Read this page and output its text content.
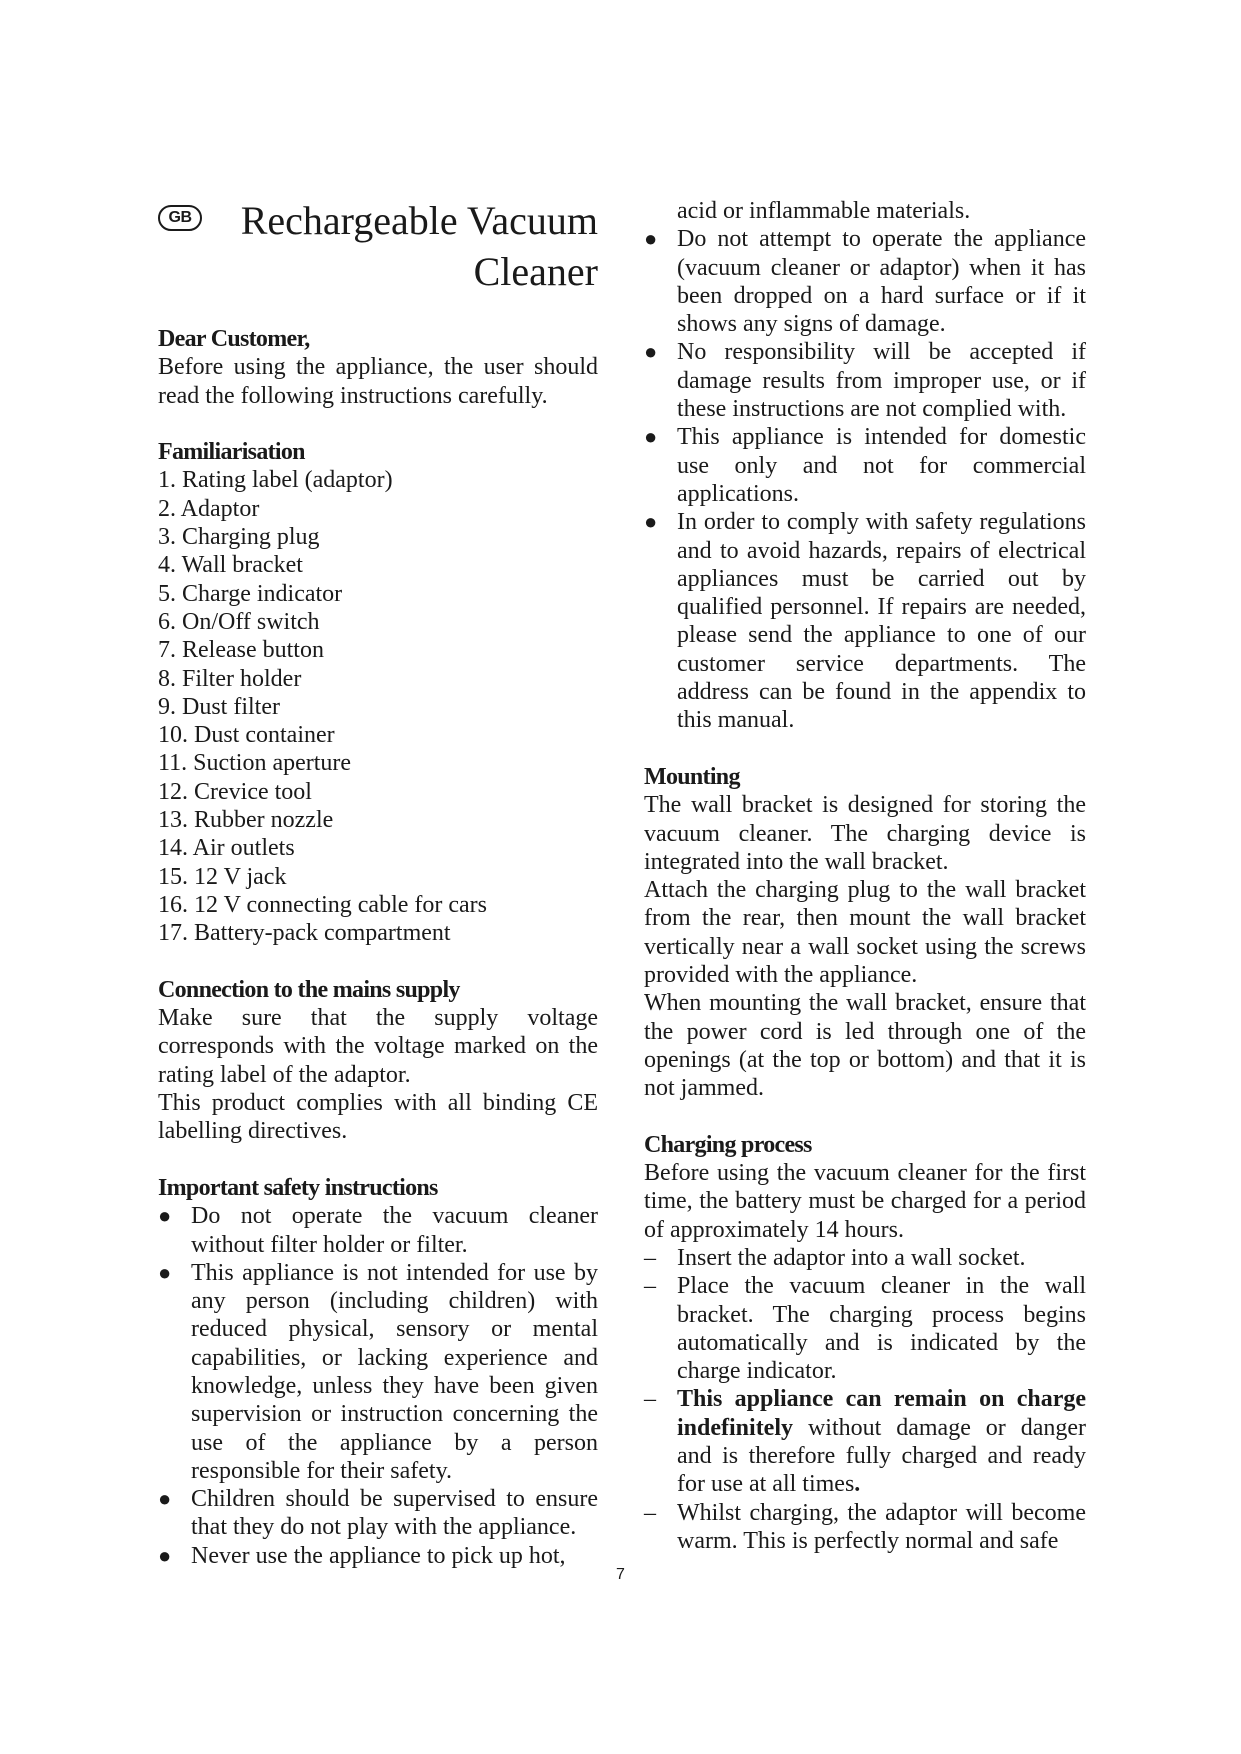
GB	Rechargeable Vacuum Cleaner
Dear Customer,

Before using the appliance, the user should read the following instructions carefully.

Familiarisation
1. Rating label (adaptor)
2. Adaptor
3. Charging plug
4. Wall bracket
5. Charge indicator
6. On/Off switch
7. Release button
8. Filter holder
9. Dust filter
10. Dust container
11. Suction aperture
12. Crevice tool
13. Rubber nozzle
14. Air outlets
15. 12 V jack
16. 12 V connecting cable for cars
17. Battery-pack compartment
Connection to the mains supply

Make sure that the supply voltage corresponds with the voltage marked on the rating label of the adaptor.

This product complies with all binding CE labelling directives.

Important safety instructions
● Do not operate the vacuum cleaner without filter holder or filter.
● This appliance is not intended for use by any person (including children) with reduced physical, sensory or mental capabilities, or lacking experience and knowledge, unless they have been given supervision or instruction concerning the use of the appliance by a person responsible for their safety.
● Children should be supervised to ensure that they do not play with the appliance.
● Never use the appliance to pick up hot,

acid or inflammable materials.

● Do not attempt to operate the appliance (vacuum cleaner or adaptor) when it has been dropped on a hard surface or if it shows any signs of damage.
● No responsibility will be accepted if damage results from improper use, or if these instructions are not complied with.
● This appliance is intended for domestic use only and not for commercial applications.
● In order to comply with safety regulations and to avoid hazards, repairs of electrical appliances must be carried out by qualified personnel. If repairs are needed, please send the appliance to one of our customer service departments. The address can be found in the appendix to this manual.
Mounting

The wall bracket is designed for storing the vacuum cleaner. The charging device is integrated into the wall bracket.

Attach the charging plug to the wall bracket from the rear, then mount the wall bracket vertically near a wall socket using the screws provided with the appliance.

When mounting the wall bracket, ensure that the power cord is led through one of the openings (at the top or bottom) and that it is not jammed.

Charging process

Before using the vacuum cleaner for the first time, the battery must be charged for a period of approximately 14 hours.

– Insert the adaptor into a wall socket.
– Place the vacuum cleaner in the wall bracket. The charging process begins automatically and is indicated by the charge indicator.
– This appliance can remain on charge indefinitely without damage or danger and is therefore fully charged and ready for use at all times.
– Whilst charging, the adaptor will become warm. This is perfectly normal and safe
7
